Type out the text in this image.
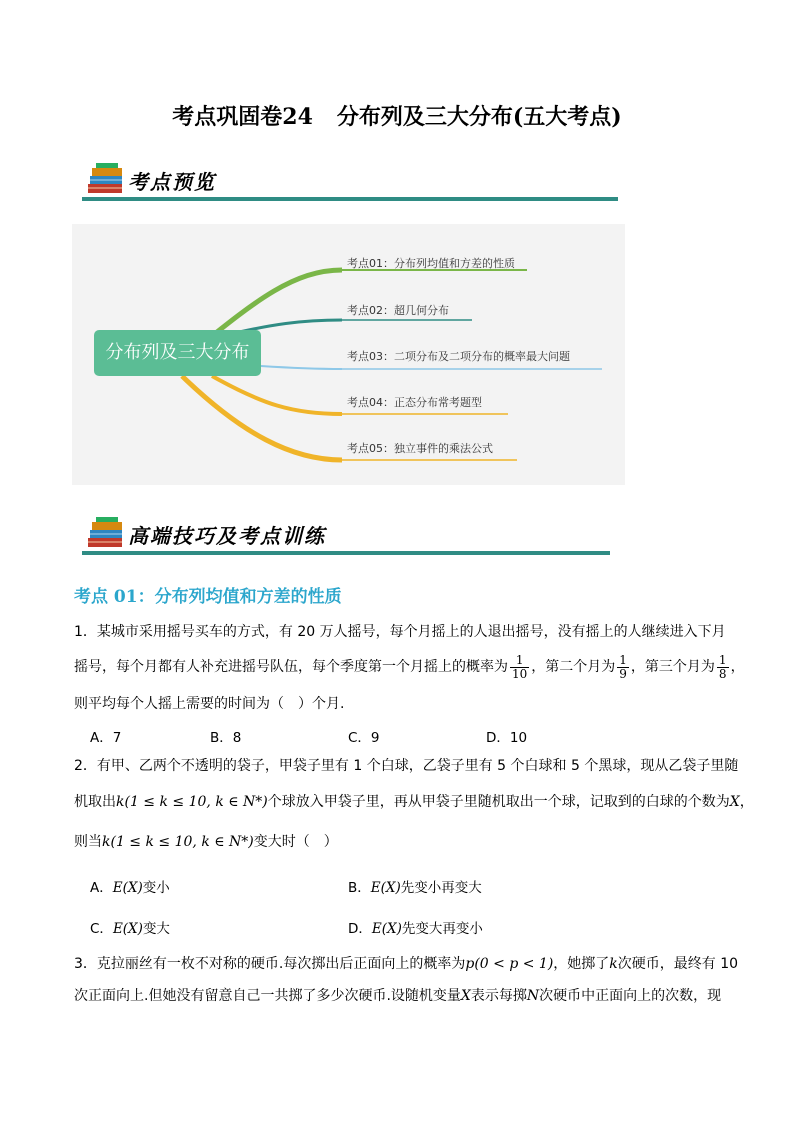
考点巩固卷24 分布列及三大分布(五大考点)
考点预览
分布列及三大分布
考点01：分布列均值和方差的性质
考点02：超几何分布
考点03：二项分布及二项分布的概率最大问题
考点04：正态分布常考题型
考点05：独立事件的乘法公式
高端技巧及考点训练
考点 01：分布列均值和方差的性质
1．某城市采用摇号买车的方式，有 20 万人摇号，每个月摇上的人退出摇号，没有摇上的人继续进入下月
摇号，每个月都有人补充进摇号队伍，每个季度第一个月摇上的概率为 $\frac{1}{10}$ ，第二个月为 $\frac{1}{9}$ ，第三个月为 $\frac{1}{8}$ ，
则平均每个人摇上需要的时间为（　）个月.
A．7	B．8	C．9	D．10
2．有甲、乙两个不透明的袋子，甲袋子里有 1 个白球，乙袋子里有 5 个白球和 5 个黑球，现从乙袋子里随
机取出k(1 ≤ k ≤ 10, k ∈ N*)个球放入甲袋子里，再从甲袋子里随机取出一个球，记取到的白球的个数为X，
则当k(1 ≤ k ≤ 10, k ∈ N*)变大时（　）
A．E(X)变小	B．E(X)先变小再变大
C．E(X)变大	D．E(X)先变大再变小
3．克拉丽丝有一枚不对称的硬币.每次掷出后正面向上的概率为p(0 < p < 1)，她掷了k次硬币，最终有 10
次正面向上.但她没有留意自己一共掷了多少次硬币.设随机变量X表示每掷N次硬币中正面向上的次数，现
